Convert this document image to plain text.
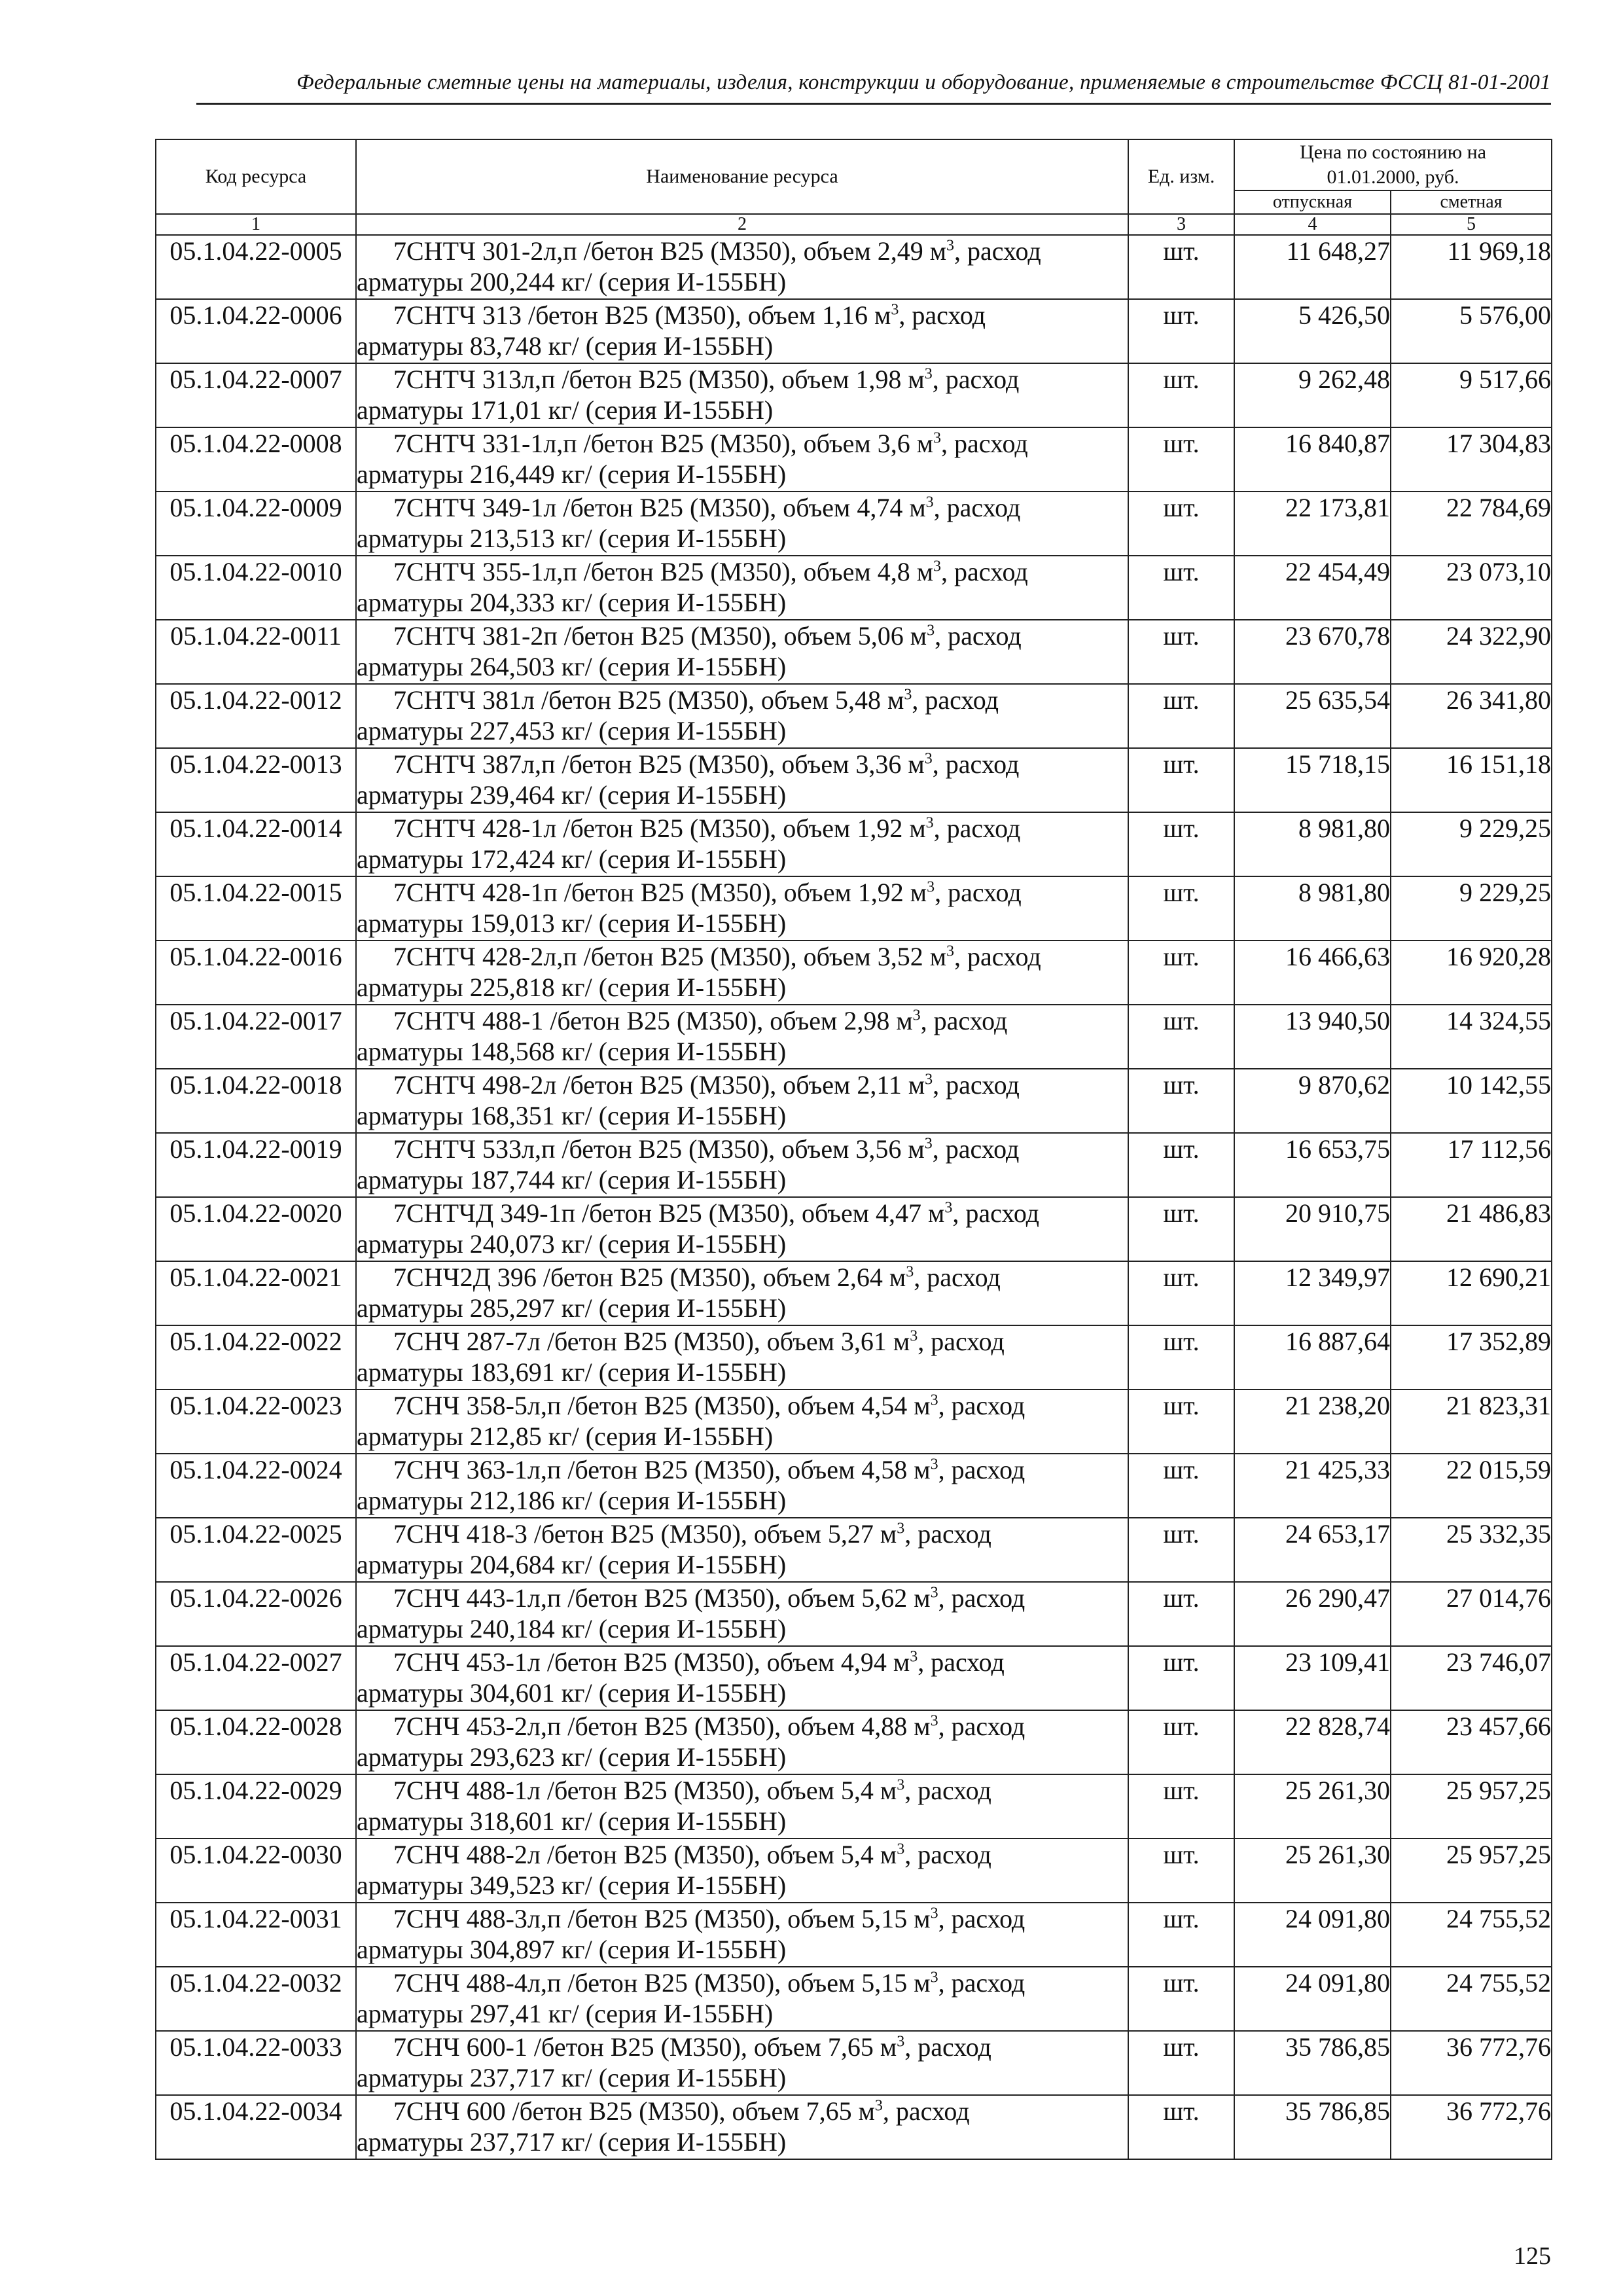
Федеральные сметные цены на материалы, изделия, конструкции и оборудование, применяемые в строительстве ФССЦ 81-01-2001
Код ресурса	Наименование ресурса	Ед. изм.	Цена по состоянию на 01.01.2000, руб.	
			отпускная	сметная
1	2	3	4	5
05.1.04.22-0005	7СНТЧ 301-2л,п /бетон В25 (М350), объем 2,49 $м^3$, расход
арматуры 200,244 кг/ (серия И-155БН)	шт.	11 648,27	11 969,18
05.1.04.22-0006	7СНТЧ 313 /бетон В25 (М350), объем 1,16 $м^3$, расход
арматуры 83,748 кг/ (серия И-155БН)	шт.	5 426,50	5 576,00
05.1.04.22-0007	7СНТЧ 313л,п /бетон В25 (М350), объем 1,98 $м^3$, расход
арматуры 171,01 кг/ (серия И-155БН)	шт.	9 262,48	9 517,66
05.1.04.22-0008	7СНТЧ 331-1л,п /бетон В25 (М350), объем 3,6 $м^3$, расход
арматуры 216,449 кг/ (серия И-155БН)	шт.	16 840,87	17 304,83
05.1.04.22-0009	7СНТЧ 349-1л /бетон В25 (М350), объем 4,74 $м^3$, расход
арматуры 213,513 кг/ (серия И-155БН)	шт.	22 173,81	22 784,69
05.1.04.22-0010	7СНТЧ 355-1л,п /бетон В25 (М350), объем 4,8 $м^3$, расход
арматуры 204,333 кг/ (серия И-155БН)	шт.	22 454,49	23 073,10
05.1.04.22-0011	7СНТЧ 381-2п /бетон В25 (М350), объем 5,06 $м^3$, расход
арматуры 264,503 кг/ (серия И-155БН)	шт.	23 670,78	24 322,90
05.1.04.22-0012	7СНТЧ 381л /бетон В25 (М350), объем 5,48 $м^3$, расход
арматуры 227,453 кг/ (серия И-155БН)	шт.	25 635,54	26 341,80
05.1.04.22-0013	7СНТЧ 387л,п /бетон В25 (М350), объем 3,36 $м^3$, расход
арматуры 239,464 кг/ (серия И-155БН)	шт.	15 718,15	16 151,18
05.1.04.22-0014	7СНТЧ 428-1л /бетон В25 (М350), объем 1,92 $м^3$, расход
арматуры 172,424 кг/ (серия И-155БН)	шт.	8 981,80	9 229,25
05.1.04.22-0015	7СНТЧ 428-1п /бетон В25 (М350), объем 1,92 $м^3$, расход
арматуры 159,013 кг/ (серия И-155БН)	шт.	8 981,80	9 229,25
05.1.04.22-0016	7СНТЧ 428-2л,п /бетон В25 (М350), объем 3,52 $м^3$, расход
арматуры 225,818 кг/ (серия И-155БН)	шт.	16 466,63	16 920,28
05.1.04.22-0017	7СНТЧ 488-1 /бетон В25 (М350), объем 2,98 $м^3$, расход
арматуры 148,568 кг/ (серия И-155БН)	шт.	13 940,50	14 324,55
05.1.04.22-0018	7СНТЧ 498-2л /бетон В25 (М350), объем 2,11 $м^3$, расход
арматуры 168,351 кг/ (серия И-155БН)	шт.	9 870,62	10 142,55
05.1.04.22-0019	7СНТЧ 533л,п /бетон В25 (М350), объем 3,56 $м^3$, расход
арматуры 187,744 кг/ (серия И-155БН)	шт.	16 653,75	17 112,56
05.1.04.22-0020	7СНТЧД 349-1п /бетон В25 (М350), объем 4,47 $м^3$, расход
арматуры 240,073 кг/ (серия И-155БН)	шт.	20 910,75	21 486,83
05.1.04.22-0021	7СНЧ2Д 396 /бетон В25 (М350), объем 2,64 $м^3$, расход
арматуры 285,297 кг/ (серия И-155БН)	шт.	12 349,97	12 690,21
05.1.04.22-0022	7СНЧ 287-7л /бетон В25 (М350), объем 3,61 $м^3$, расход
арматуры 183,691 кг/ (серия И-155БН)	шт.	16 887,64	17 352,89
05.1.04.22-0023	7СНЧ 358-5л,п /бетон В25 (М350), объем 4,54 $м^3$, расход
арматуры 212,85 кг/ (серия И-155БН)	шт.	21 238,20	21 823,31
05.1.04.22-0024	7СНЧ 363-1л,п /бетон В25 (М350), объем 4,58 $м^3$, расход
арматуры 212,186 кг/ (серия И-155БН)	шт.	21 425,33	22 015,59
05.1.04.22-0025	7СНЧ 418-3 /бетон В25 (М350), объем 5,27 $м^3$, расход
арматуры 204,684 кг/ (серия И-155БН)	шт.	24 653,17	25 332,35
05.1.04.22-0026	7СНЧ 443-1л,п /бетон В25 (М350), объем 5,62 $м^3$, расход
арматуры 240,184 кг/ (серия И-155БН)	шт.	26 290,47	27 014,76
05.1.04.22-0027	7СНЧ 453-1л /бетон В25 (М350), объем 4,94 $м^3$, расход
арматуры 304,601 кг/ (серия И-155БН)	шт.	23 109,41	23 746,07
05.1.04.22-0028	7СНЧ 453-2л,п /бетон В25 (М350), объем 4,88 $м^3$, расход
арматуры 293,623 кг/ (серия И-155БН)	шт.	22 828,74	23 457,66
05.1.04.22-0029	7СНЧ 488-1л /бетон В25 (М350), объем 5,4 $м^3$, расход
арматуры 318,601 кг/ (серия И-155БН)	шт.	25 261,30	25 957,25
05.1.04.22-0030	7СНЧ 488-2л /бетон В25 (М350), объем 5,4 $м^3$, расход
арматуры 349,523 кг/ (серия И-155БН)	шт.	25 261,30	25 957,25
05.1.04.22-0031	7СНЧ 488-3л,п /бетон В25 (М350), объем 5,15 $м^3$, расход
арматуры 304,897 кг/ (серия И-155БН)	шт.	24 091,80	24 755,52
05.1.04.22-0032	7СНЧ 488-4л,п /бетон В25 (М350), объем 5,15 $м^3$, расход
арматуры 297,41 кг/ (серия И-155БН)	шт.	24 091,80	24 755,52
05.1.04.22-0033	7СНЧ 600-1 /бетон В25 (М350), объем 7,65 $м^3$, расход
арматуры 237,717 кг/ (серия И-155БН)	шт.	35 786,85	36 772,76
05.1.04.22-0034	7СНЧ 600 /бетон В25 (М350), объем 7,65 $м^3$, расход
арматуры 237,717 кг/ (серия И-155БН)	шт.	35 786,85	36 772,76
125
